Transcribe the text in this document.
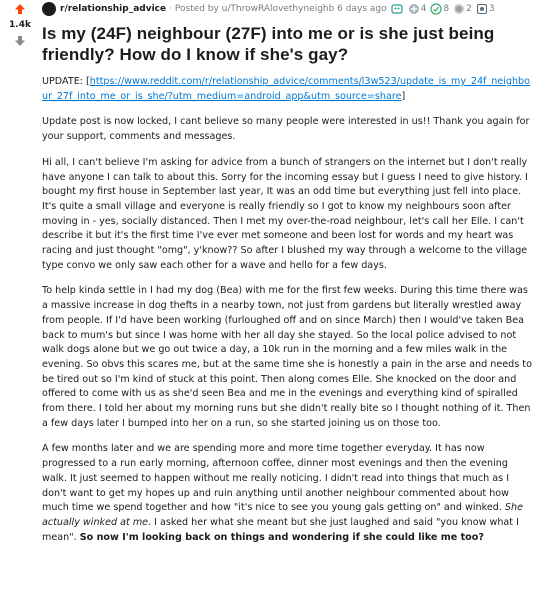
1.4k
r/relationship_advice · Posted by u/ThrowRAlovethyneighb 6 days ago	4 8 2 3
Is my (24F) neighbour (27F) into me or is she just being friendly? How do I know if she's gay?

UPDATE: [https://www.reddit.com/r/relationship_advice/comments/l3w523/update_is_my_24f_neighbour_27f_into_me_or_is_she/?utm_medium=android_app&utm_source=share]

Update post is now locked, I cant believe so many people were interested in us!! Thank you again for your support, comments and messages.

Hi all, I can't believe I'm asking for advice from a bunch of strangers on the internet but I don't really have anyone I can talk to about this. Sorry for the incoming essay but I guess I need to give history. I bought my first house in September last year, It was an odd time but everything just fell into place. It's quite a small village and everyone is really friendly so I got to know my neighbours soon after moving in - yes, socially distanced. Then I met my over-the-road neighbour, let's call her Elle. I can't describe it but it's the first time I've ever met someone and been lost for words and my heart was racing and just thought "omg", y'know?? So after I blushed my way through a welcome to the village type convo we only saw each other for a wave and hello for a few days.

To help kinda settle in I had my dog (Bea) with me for the first few weeks. During this time there was a massive increase in dog thefts in a nearby town, not just from gardens but literally wrestled away from people. If I'd have been working (furloughed off and on since March) then I would've taken Bea back to mum's but since I was home with her all day she stayed. So the local police advised to not walk dogs alone but we go out twice a day, a 10k run in the morning and a few miles walk in the evening. So obvs this scares me, but at the same time she is honestly a pain in the arse and needs to be tired out so I'm kind of stuck at this point. Then along comes Elle. She knocked on the door and offered to come with us as she'd seen Bea and me in the evenings and everything kind of spiralled from there. I told her about my morning runs but she didn't really bite so I thought nothing of it. Then a few days later I bumped into her on a run, so she started joining us on those too.

A few months later and we are spending more and more time together everyday. It has now progressed to a run early morning, afternoon coffee, dinner most evenings and then the evening walk. It just seemed to happen without me really noticing. I didn't read into things that much as I don't want to get my hopes up and ruin anything until another neighbour commented about how much time we spend together and how "it's nice to see you young gals getting on" and winked. She actually winked at me. I asked her what she meant but she just laughed and said "you know what I mean". So now I'm looking back on things and wondering if she could like me too?
